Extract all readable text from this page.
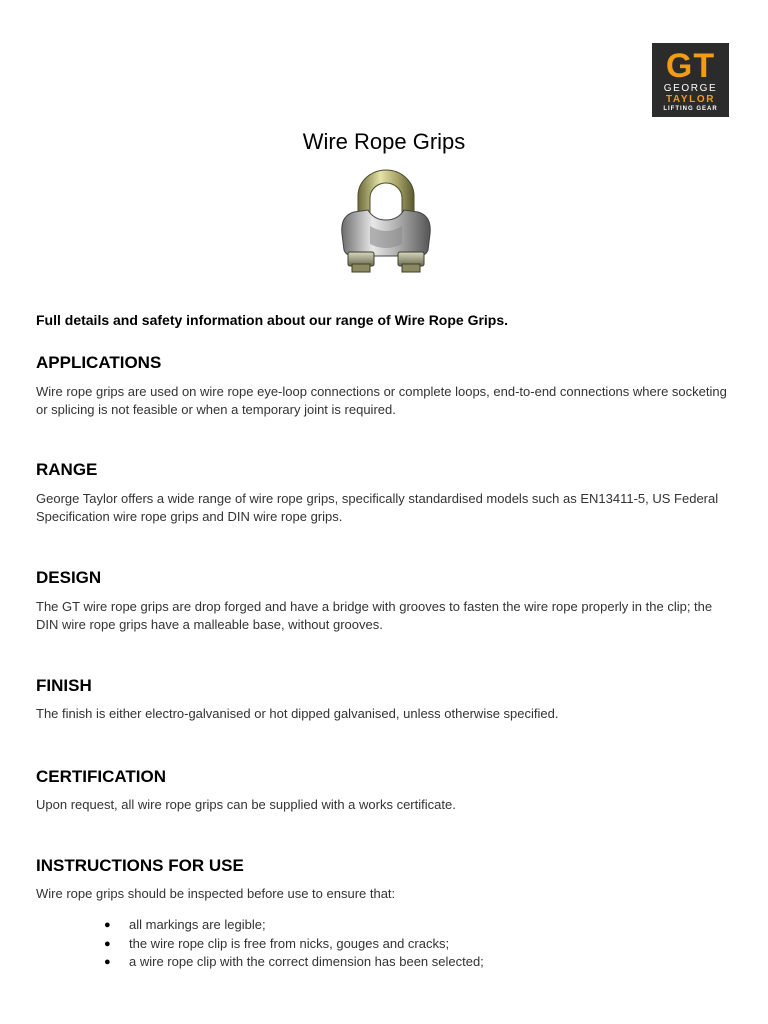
GT
GEORGE
TAYLOR
LIFTING GEAR
Wire Rope Grips
Full details and safety information about our range of Wire Rope Grips.
APPLICATIONS
Wire rope grips are used on wire rope eye-loop connections or complete loops, end-to-end connections where socketing or splicing is not feasible or when a temporary joint is required.
RANGE
George Taylor offers a wide range of wire rope grips, specifically standardised models such as EN13411-5, US Federal Specification wire rope grips and DIN wire rope grips.
DESIGN
The GT wire rope grips are drop forged and have a bridge with grooves to fasten the wire rope properly in the clip; the DIN wire rope grips have a malleable base, without grooves.
FINISH
The finish is either electro-galvanised or hot dipped galvanised, unless otherwise specified.
CERTIFICATION
Upon request, all wire rope grips can be supplied with a works certificate.
INSTRUCTIONS FOR USE
Wire rope grips should be inspected before use to ensure that:
● all markings are legible;
● the wire rope clip is free from nicks, gouges and cracks;
● a wire rope clip with the correct dimension has been selected;
